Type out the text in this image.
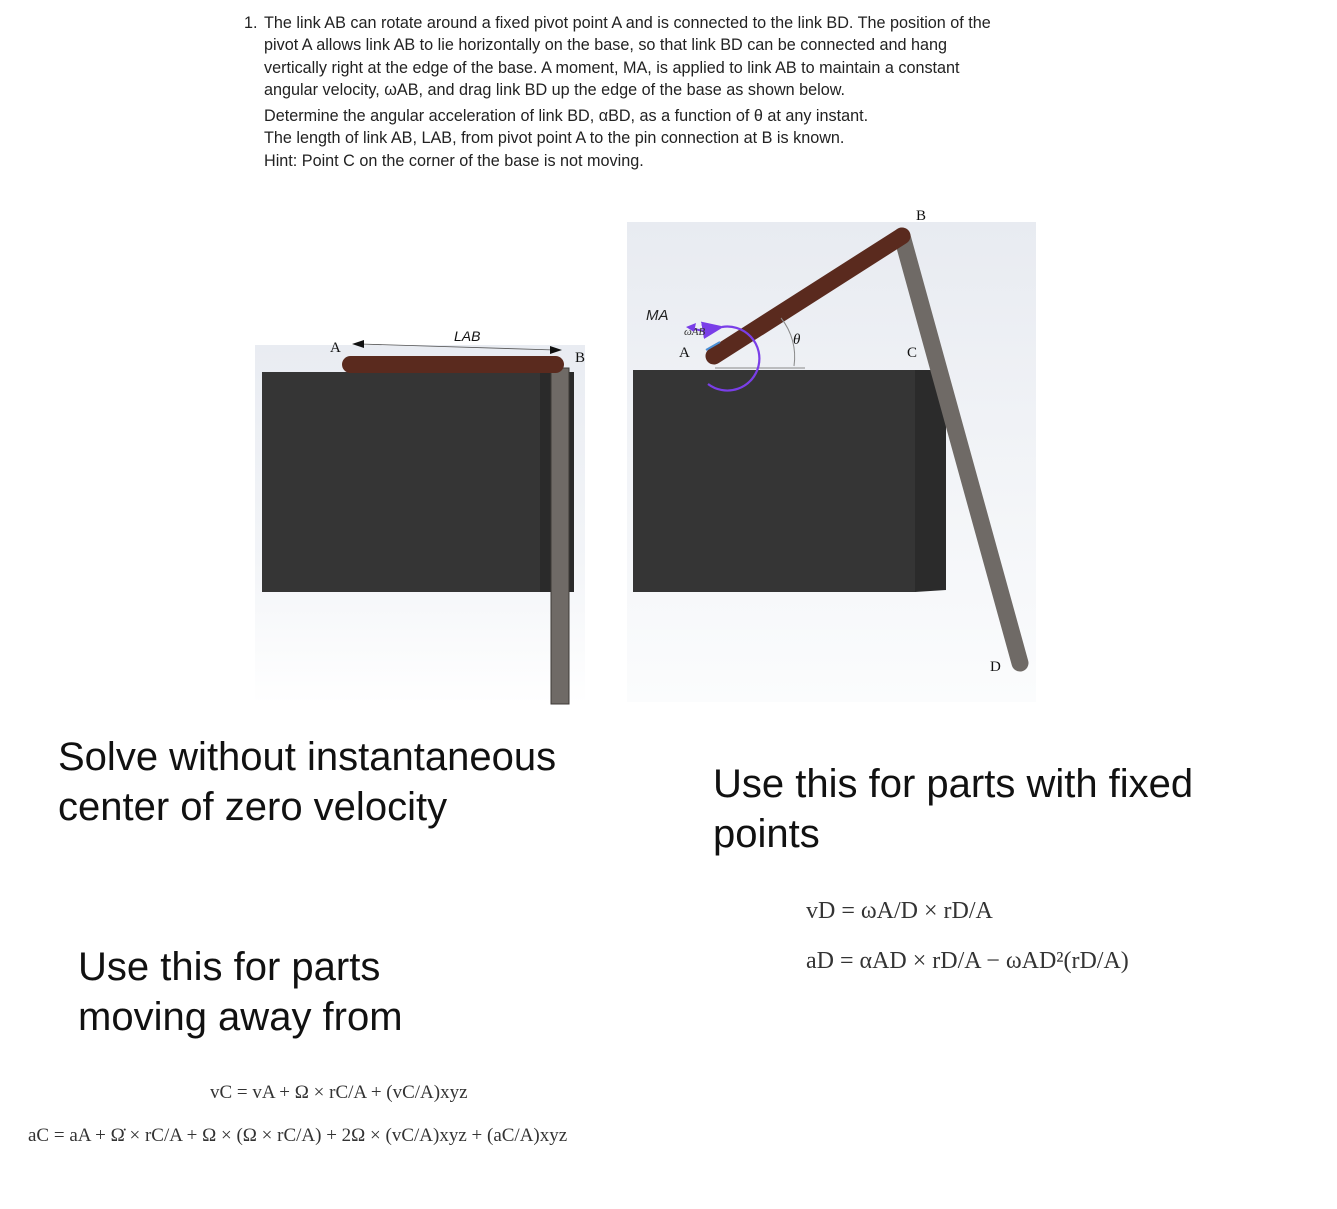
1. The link AB can rotate around a fixed pivot point A and is connected to the link BD. The position of the pivot A allows link AB to lie horizontally on the base, so that link BD can be connected and hang vertically right at the edge of the base. A moment, MA, is applied to link AB to maintain a constant angular velocity, ωAB, and drag link BD up the edge of the base as shown below.

Determine the angular acceleration of link BD, αBD, as a function of θ at any instant.

The length of link AB, LAB, from pivot point A to the pin connection at B is known.

Hint: Point C on the corner of the base is not moving.

A
B
LAB
MA
ωAB
A
B
C
D
θ
Solve without instantaneous center of zero velocity
Use this for parts with fixed points
Use this for parts moving away from
vD = ωA/D × rD/A
aD = αAD × rD/A − ωAD²(rD/A)
vC = vA + Ω × rC/A + (vC/A)xyz
aC = aA + Ω̇ × rC/A + Ω × (Ω × rC/A) + 2Ω × (vC/A)xyz + (aC/A)xyz
